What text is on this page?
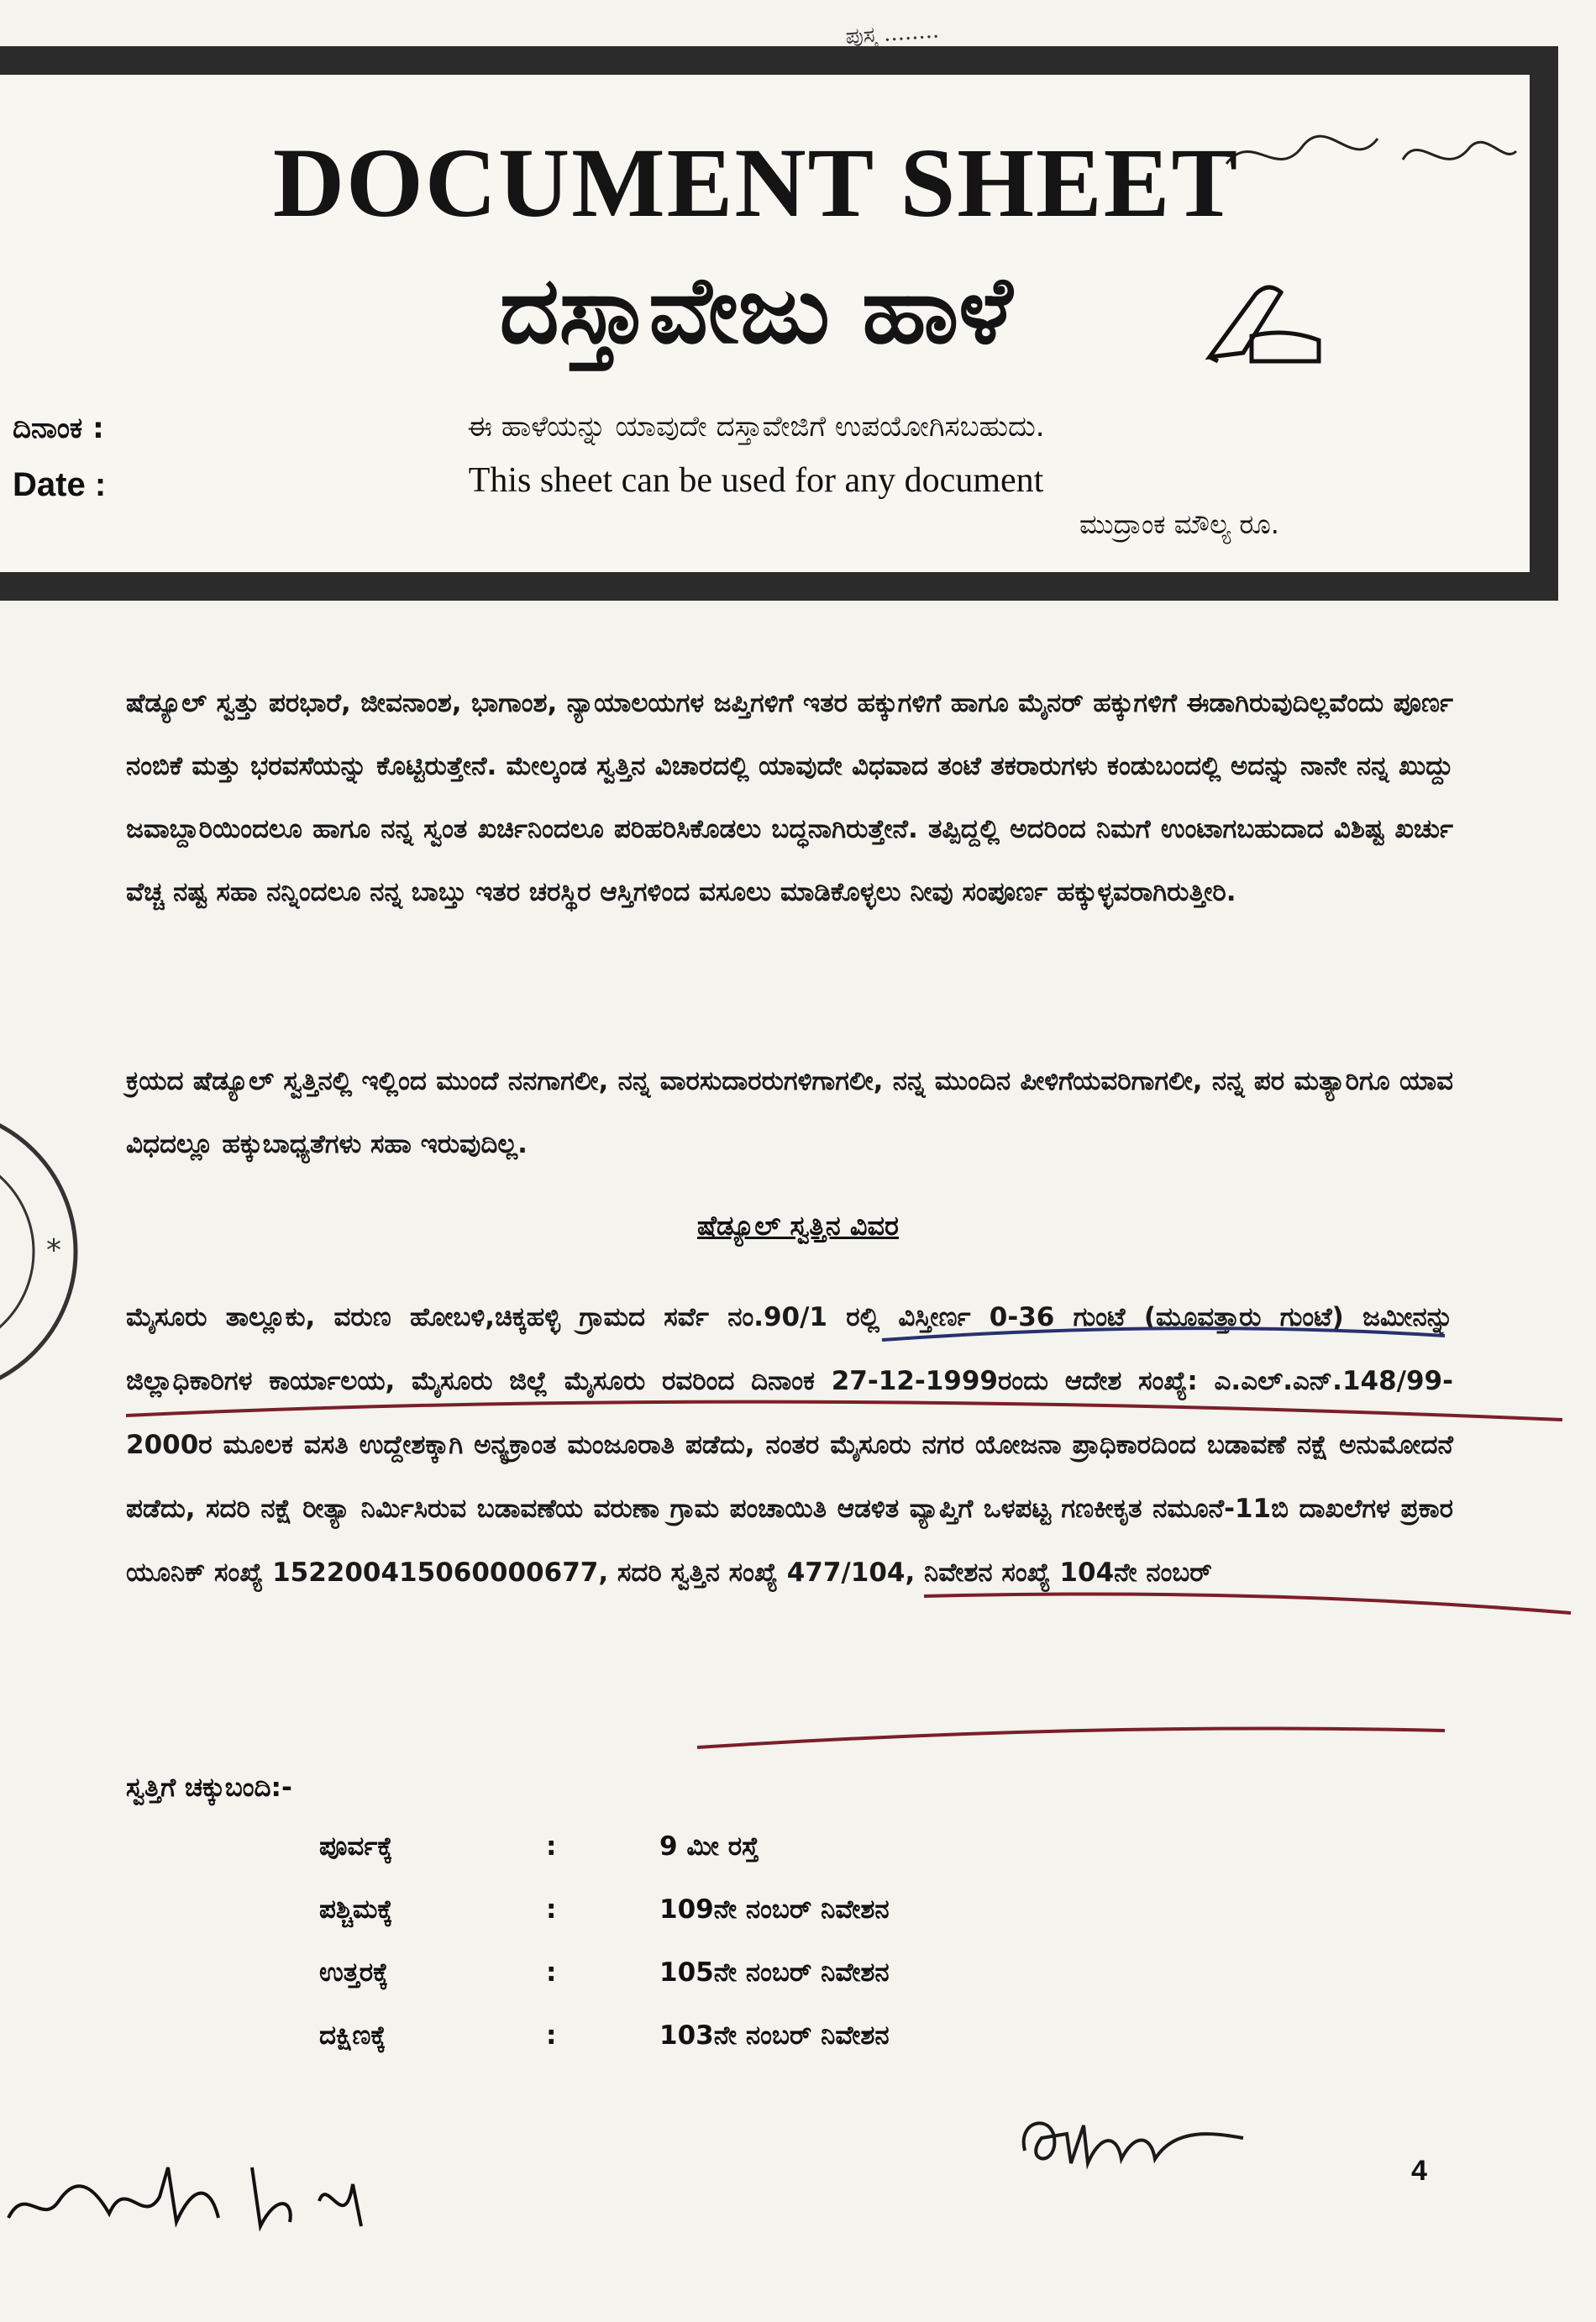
ಪುಸ್ತ ........
DOCUMENT SHEET
ದಸ್ತಾವೇಜು ಹಾಳೆ
ದಿನಾಂಕ :
Date :
ಈ ಹಾಳೆಯನ್ನು ಯಾವುದೇ ದಸ್ತಾವೇಜಿಗೆ ಉಪಯೋಗಿಸಬಹುದು.
This sheet can be used for any document
ಮುದ್ರಾಂಕ ಮೌಲ್ಯ ರೂ.
*
ಷೆಡ್ಯೂಲ್ ಸ್ವತ್ತು ಪರಭಾರೆ, ಜೀವನಾಂಶ, ಭಾಗಾಂಶ, ನ್ಯಾಯಾಲಯಗಳ ಜಪ್ತಿಗಳಿಗೆ ಇತರ ಹಕ್ಕುಗಳಿಗೆ ಹಾಗೂ ಮೈನರ್ ಹಕ್ಕುಗಳಿಗೆ ಈಡಾಗಿರುವುದಿಲ್ಲವೆಂದು ಪೂರ್ಣ ನಂಬಿಕೆ ಮತ್ತು ಭರವಸೆಯನ್ನು ಕೊಟ್ಟಿರುತ್ತೇನೆ. ಮೇಲ್ಕಂಡ ಸ್ವತ್ತಿನ ವಿಚಾರದಲ್ಲಿ ಯಾವುದೇ ವಿಧವಾದ ತಂಟೆ ತಕರಾರುಗಳು ಕಂಡುಬಂದಲ್ಲಿ ಅದನ್ನು ನಾನೇ ನನ್ನ ಖುದ್ದು ಜವಾಬ್ದಾರಿಯಿಂದಲೂ ಹಾಗೂ ನನ್ನ ಸ್ವಂತ ಖರ್ಚಿನಿಂದಲೂ ಪರಿಹರಿಸಿಕೊಡಲು ಬದ್ಧನಾಗಿರುತ್ತೇನೆ. ತಪ್ಪಿದ್ದಲ್ಲಿ ಅದರಿಂದ ನಿಮಗೆ ಉಂಟಾಗಬಹುದಾದ ವಿಶಿಷ್ಟ ಖರ್ಚು ವೆಚ್ಚ ನಷ್ಟ ಸಹಾ ನನ್ನಿಂದಲೂ ನನ್ನ ಬಾಬ್ತು ಇತರ ಚರಸ್ಥಿರ ಆಸ್ತಿಗಳಿಂದ ವಸೂಲು ಮಾಡಿಕೊಳ್ಳಲು ನೀವು ಸಂಪೂರ್ಣ ಹಕ್ಕುಳ್ಳವರಾಗಿರುತ್ತೀರಿ.
ಕ್ರಯದ ಷೆಡ್ಯೂಲ್ ಸ್ವತ್ತಿನಲ್ಲಿ ಇಲ್ಲಿಂದ ಮುಂದೆ ನನಗಾಗಲೀ, ನನ್ನ ವಾರಸುದಾರರುಗಳಿಗಾಗಲೀ, ನನ್ನ ಮುಂದಿನ ಪೀಳಿಗೆಯವರಿಗಾಗಲೀ, ನನ್ನ ಪರ ಮತ್ಯಾರಿಗೂ ಯಾವ ವಿಧದಲ್ಲೂ ಹಕ್ಕುಬಾಧ್ಯತೆಗಳು ಸಹಾ ಇರುವುದಿಲ್ಲ.
ಷೆಡ್ಯೂಲ್ ಸ್ವತ್ತಿನ ವಿವರ
ಮೈಸೂರು ತಾಲ್ಲೂಕು, ವರುಣ ಹೋಬಳಿ,ಚಿಕ್ಕಹಳ್ಳಿ ಗ್ರಾಮದ ಸರ್ವೆ ನಂ.90/1 ರಲ್ಲಿ ವಿಸ್ತೀರ್ಣ 0-36 ಗುಂಟೆ (ಮೂವತ್ತಾರು ಗುಂಟೆ) ಜಮೀನನ್ನು ಜಿಲ್ಲಾಧಿಕಾರಿಗಳ ಕಾರ್ಯಾಲಯ, ಮೈಸೂರು ಜಿಲ್ಲೆ ಮೈಸೂರು ರವರಿಂದ ದಿನಾಂಕ 27-12-1999ರಂದು ಆದೇಶ ಸಂಖ್ಯೆ: ಎ.ಎಲ್.ಎನ್.148/99-2000ರ ಮೂಲಕ ವಸತಿ ಉದ್ದೇಶಕ್ಕಾಗಿ ಅನ್ಯಕ್ರಾಂತ ಮಂಜೂರಾತಿ ಪಡೆದು, ನಂತರ ಮೈಸೂರು ನಗರ ಯೋಜನಾ ಪ್ರಾಧಿಕಾರದಿಂದ ಬಡಾವಣೆ ನಕ್ಷೆ ಅನುಮೋದನೆ ಪಡೆದು, ಸದರಿ ನಕ್ಷೆ ರೀತ್ಯಾ ನಿರ್ಮಿಸಿರುವ ಬಡಾವಣೆಯ ವರುಣಾ ಗ್ರಾಮ ಪಂಚಾಯಿತಿ ಆಡಳಿತ ವ್ಯಾಪ್ತಿಗೆ ಒಳಪಟ್ಟ ಗಣಕೀಕೃತ ನಮೂನೆ-11ಬಿ ದಾಖಲೆಗಳ ಪ್ರಕಾರ ಯೂನಿಕ್ ಸಂಖ್ಯೆ 152200415060000677, ಸದರಿ ಸ್ವತ್ತಿನ ಸಂಖ್ಯೆ 477/104, ನಿವೇಶನ ಸಂಖ್ಯೆ 104ನೇ ನಂಬರ್
ಸ್ವತ್ತಿಗೆ ಚಕ್ಕುಬಂದಿ:-
ಪೂರ್ವಕ್ಕೆ	:	9 ಮೀ ರಸ್ತೆ
ಪಶ್ಚಿಮಕ್ಕೆ	:	109ನೇ ನಂಬರ್ ನಿವೇಶನ
ಉತ್ತರಕ್ಕೆ	:	105ನೇ ನಂಬರ್ ನಿವೇಶನ
ದಕ್ಷಿಣಕ್ಕೆ	:	103ನೇ ನಂಬರ್ ನಿವೇಶನ
4
